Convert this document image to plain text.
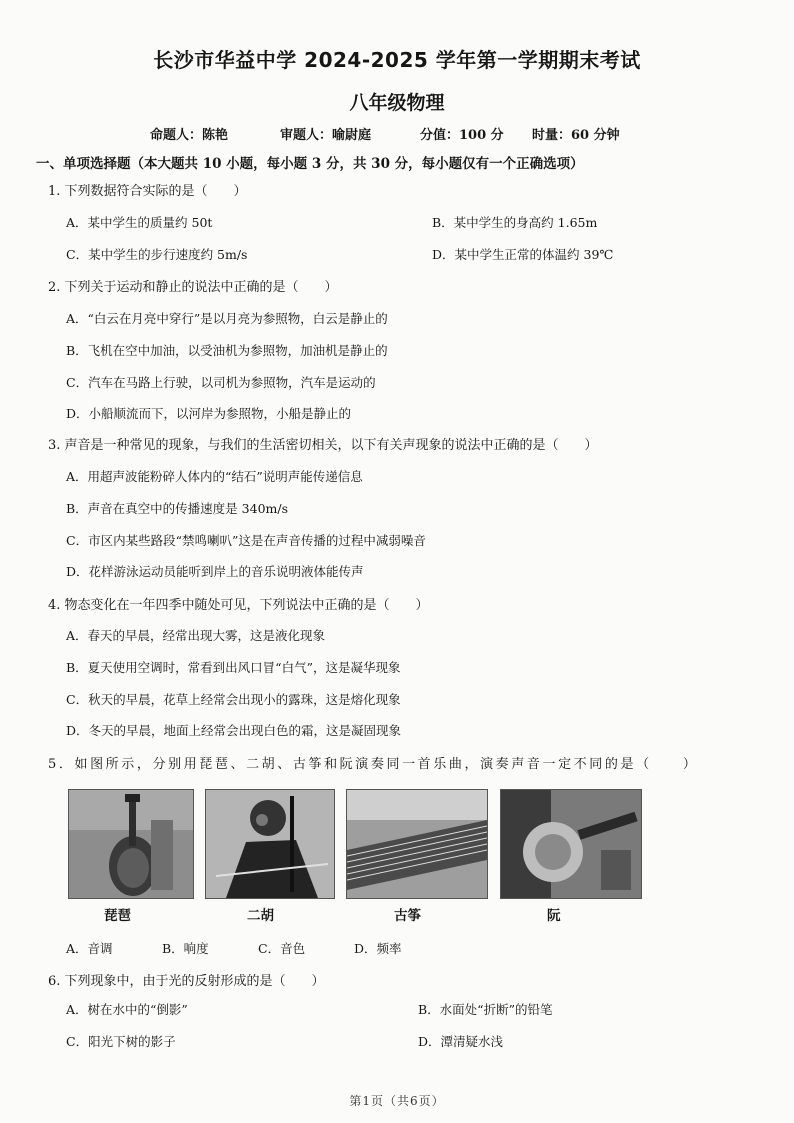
长沙市华益中学 2024-2025 学年第一学期期末考试
八年级物理
命题人：陈艳	审题人：喻尉庭	分值：100 分 时量：60 分钟
一、单项选择题（本大题共 10 小题，每小题 3 分，共 30 分，每小题仅有一个正确选项）
1. 下列数据符合实际的是（　　）
A．某中学生的质量约 50t	B．某中学生的身高约 1.65m
C．某中学生的步行速度约 5m/s	D．某中学生正常的体温约 39℃
2. 下列关于运动和静止的说法中正确的是（　　）
A．“白云在月亮中穿行”是以月亮为参照物，白云是静止的
B．飞机在空中加油，以受油机为参照物，加油机是静止的
C．汽车在马路上行驶，以司机为参照物，汽车是运动的
D．小船顺流而下，以河岸为参照物，小船是静止的
3. 声音是一种常见的现象，与我们的生活密切相关，以下有关声现象的说法中正确的是（　　）
A．用超声波能粉碎人体内的“结石”说明声能传递信息
B．声音在真空中的传播速度是 340m/s
C．市区内某些路段“禁鸣喇叭”这是在声音传播的过程中减弱噪音
D．花样游泳运动员能听到岸上的音乐说明液体能传声
4. 物态变化在一年四季中随处可见，下列说法中正确的是（　　）
A．春天的早晨，经常出现大雾，这是液化现象
B．夏天使用空调时，常看到出风口冒“白气”，这是凝华现象
C．秋天的早晨，花草上经常会出现小的露珠，这是熔化现象
D．冬天的早晨，地面上经常会出现白色的霜，这是凝固现象
5．如图所示，分别用琵琶、二胡、古筝和阮演奏同一首乐曲，演奏声音一定不同的是（　　）
琵琶	二胡	古筝	阮
A．音调	B．响度	C．音色	D．频率
6. 下列现象中，由于光的反射形成的是（　　）
A．树在水中的“倒影”	B．水面处“折断”的铅笔
C．阳光下树的影子	D．潭清疑水浅
第1页（共6页）
